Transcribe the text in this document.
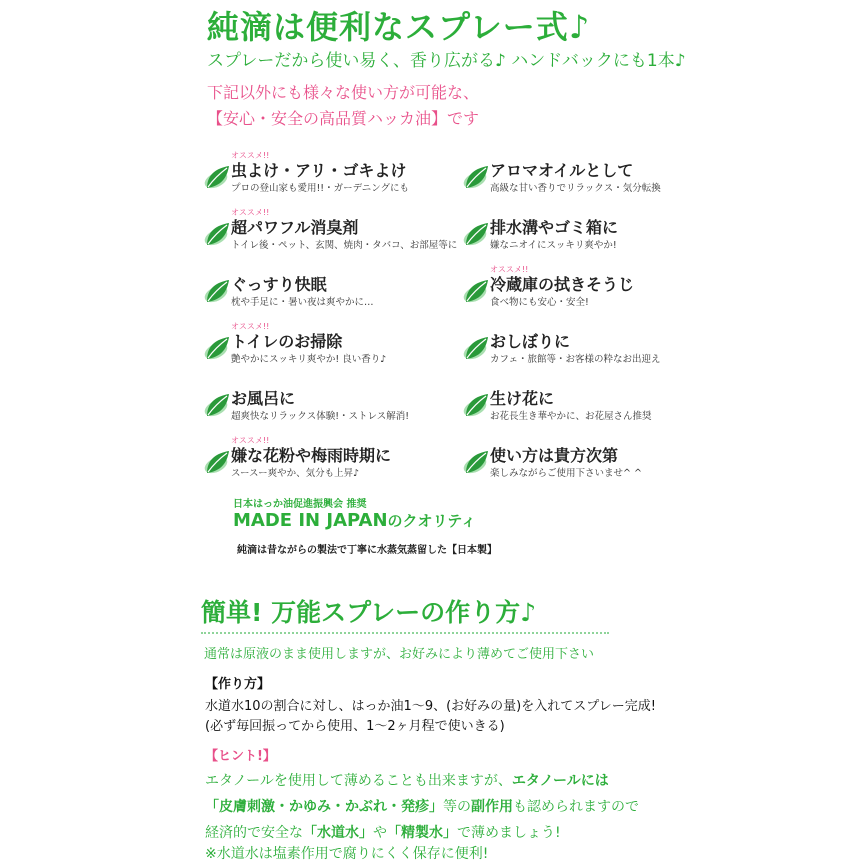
純滴は便利なスプレー式♪
スプレーだから使い易く、香り広がる♪ ハンドバックにも1本♪
下記以外にも様々な使い方が可能な、
【安心・安全の高品質ハッカ油】です
オススメ!!
虫よけ・アリ・ゴキよけ
プロの登山家も愛用!!・ガーデニングにも
オススメ!!
超パワフル消臭剤
トイレ後・ペット、玄関、焼肉・タバコ、お部屋等に
ぐっすり快眠
枕や手足に・暑い夜は爽やかに…
オススメ!!
トイレのお掃除
艶やかにスッキリ爽やか! 良い香り♪
お風呂に
超爽快なリラックス体験!・ストレス解消!
オススメ!!
嫌な花粉や梅雨時期に
スースー爽やか、気分も上昇♪
アロマオイルとして
高級な甘い香りでリラックス・気分転換
排水溝やゴミ箱に
嫌なニオイにスッキリ爽やか!
オススメ!!
冷蔵庫の拭きそうじ
食べ物にも安心・安全!
おしぼりに
カフェ・旅館等・お客様の粋なお出迎え
生け花に
お花長生き華やかに、お花屋さん推奨
使い方は貴方次第
楽しみながらご使用下さいませ^ ^
日本はっか油促進振興会 推奨
MADE IN JAPANのクオリティ
純滴は昔ながらの製法で丁寧に水蒸気蒸留した【日本製】
簡単! 万能スプレーの作り方♪
通常は原液のまま使用しますが、お好みにより薄めてご使用下さい
【作り方】
水道水10の割合に対し、はっか油1～9、(お好みの量)を入れてスプレー完成!
(必ず毎回振ってから使用、1～2ヶ月程で使いきる)
【ヒント!】
エタノールを使用して薄めることも出来ますが、エタノールには
「皮膚刺激・かゆみ・かぶれ・発疹」等の副作用も認められますので
経済的で安全な「水道水」や「精製水」で薄めましょう!
※水道水は塩素作用で腐りにくく保存に便利!
